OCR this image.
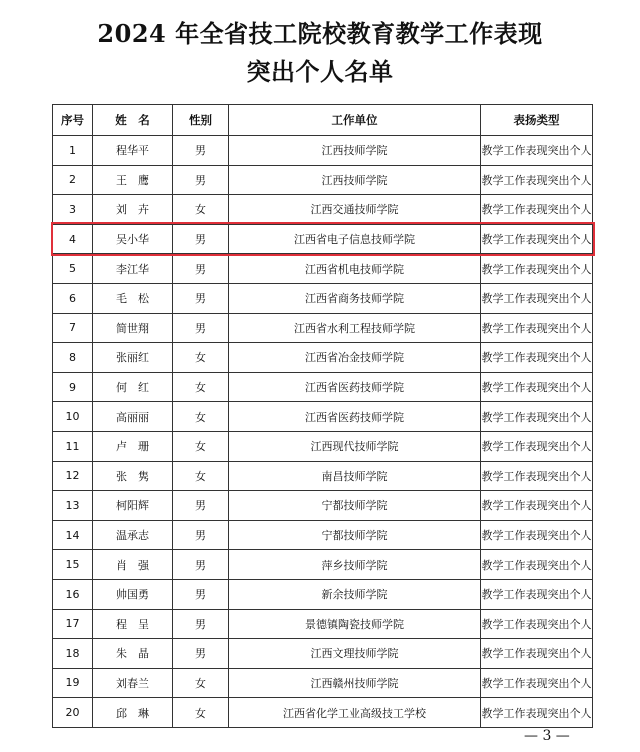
2024 年全省技工院校教育教学工作表现
突出个人名单
序号	姓　名	性别	工作单位	表扬类型
1	程华平	男	江西技师学院	教学工作表现突出个人
2	王　鹰	男	江西技师学院	教学工作表现突出个人
3	刘　卉	女	江西交通技师学院	教学工作表现突出个人
4	吴小华	男	江西省电子信息技师学院	教学工作表现突出个人
5	李江华	男	江西省机电技师学院	教学工作表现突出个人
6	毛　松	男	江西省商务技师学院	教学工作表现突出个人
7	简世翔	男	江西省水利工程技师学院	教学工作表现突出个人
8	张丽红	女	江西省冶金技师学院	教学工作表现突出个人
9	何　红	女	江西省医药技师学院	教学工作表现突出个人
10	高丽丽	女	江西省医药技师学院	教学工作表现突出个人
11	卢　珊	女	江西现代技师学院	教学工作表现突出个人
12	张　隽	女	南昌技师学院	教学工作表现突出个人
13	柯阳辉	男	宁都技师学院	教学工作表现突出个人
14	温承志	男	宁都技师学院	教学工作表现突出个人
15	肖　强	男	萍乡技师学院	教学工作表现突出个人
16	帅国勇	男	新余技师学院	教学工作表现突出个人
17	程　呈	男	景德镇陶瓷技师学院	教学工作表现突出个人
18	朱　晶	男	江西文理技师学院	教学工作表现突出个人
19	刘春兰	女	江西赣州技师学院	教学工作表现突出个人
20	邱　琳	女	江西省化学工业高级技工学校	教学工作表现突出个人
— 3 —
